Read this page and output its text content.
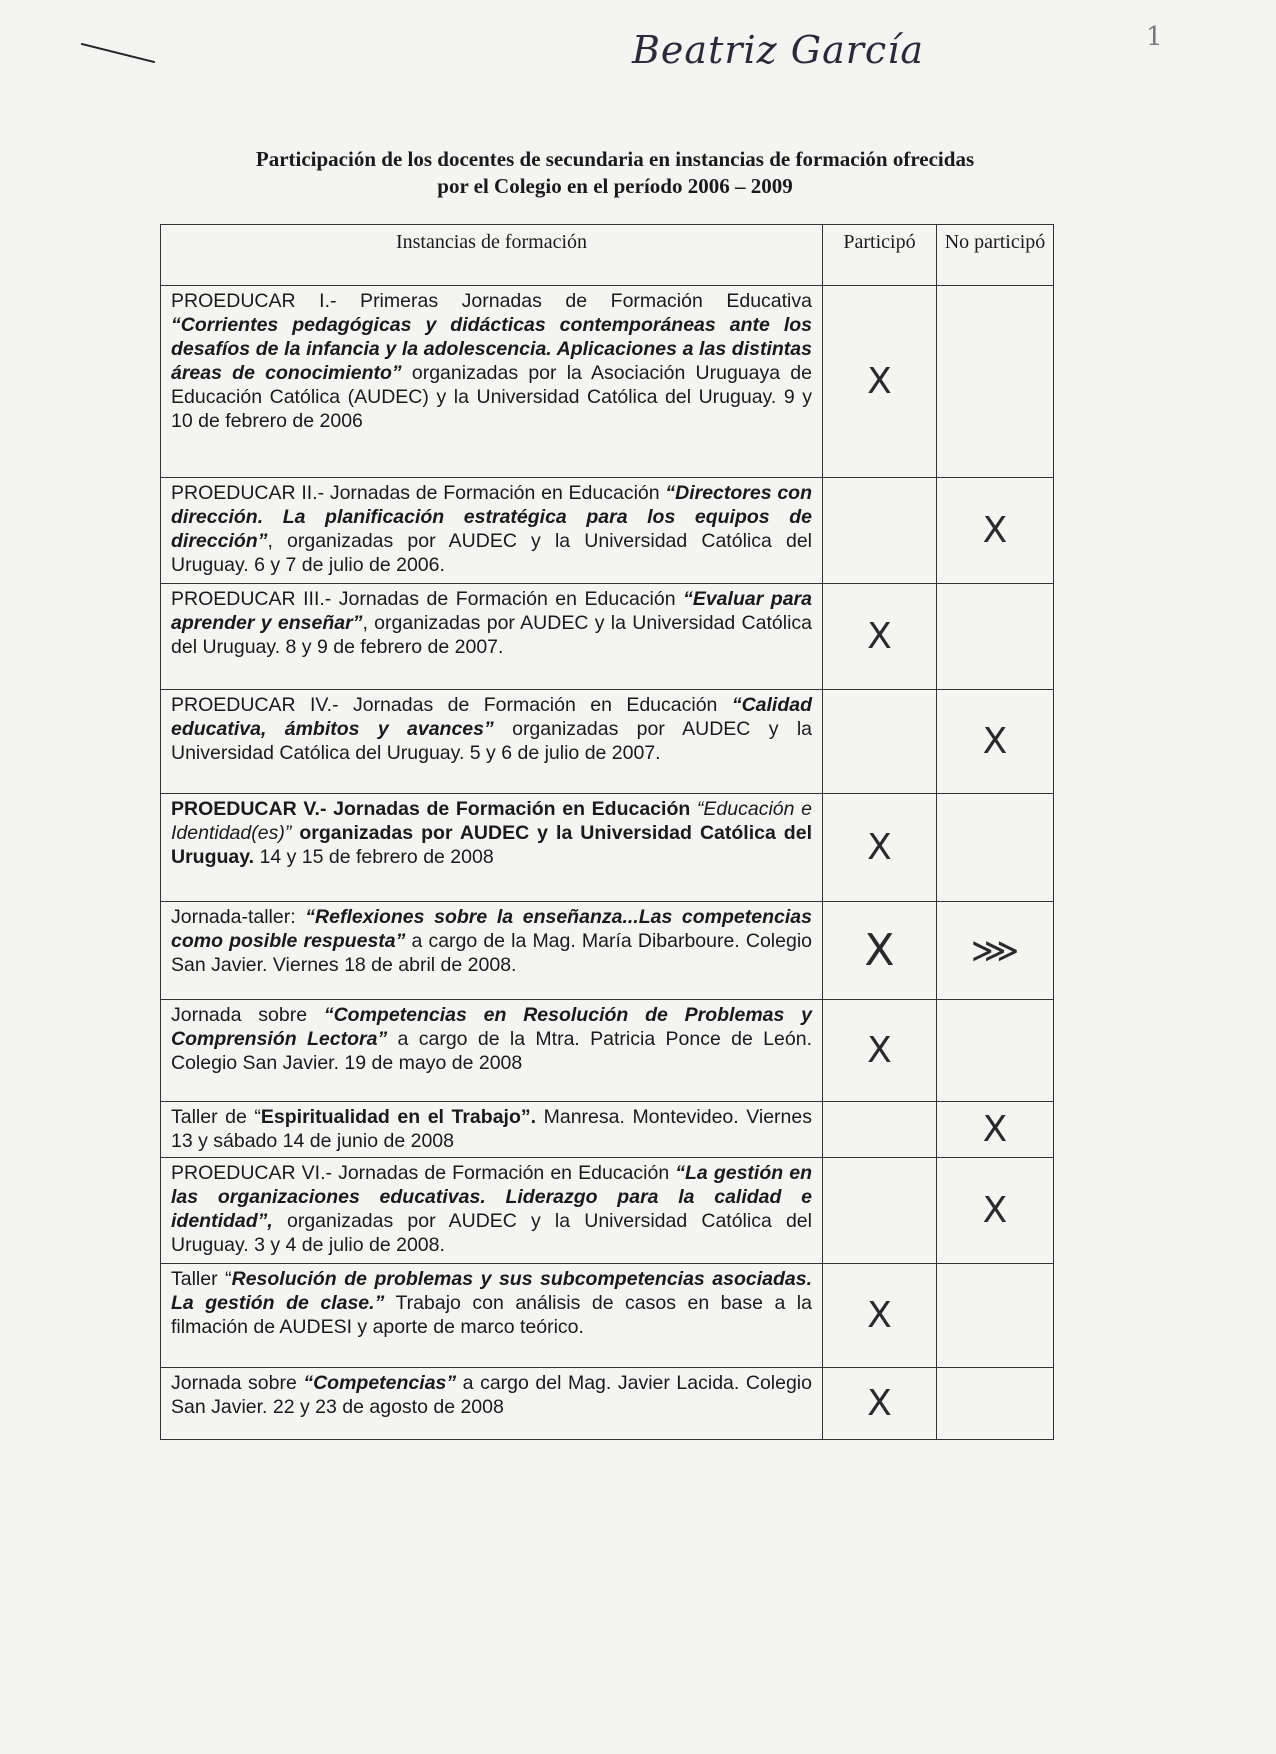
1
Beatriz García
Participación de los docentes de secundaria en instancias de formación ofrecidas
por el Colegio en el período 2006 – 2009
Instancias de formación	Participó	No participó
PROEDUCAR I.- Primeras Jornadas de Formación Educativa “Corrientes pedagógicas y didácticas contemporáneas ante los desafíos de la infancia y la adolescencia. Aplicaciones a las distintas áreas de conocimiento” organizadas por la Asociación Uruguaya de Educación Católica (AUDEC) y la Universidad Católica del Uruguay. 9 y 10 de febrero de 2006	X	
PROEDUCAR II.- Jornadas de Formación en Educación “Directores con dirección. La planificación estratégica para los equipos de dirección”, organizadas por AUDEC y la Universidad Católica del Uruguay. 6 y 7 de julio de 2006.		X
PROEDUCAR III.- Jornadas de Formación en Educación “Evaluar para aprender y enseñar”, organizadas por AUDEC y la Universidad Católica del Uruguay. 8 y 9 de febrero de 2007.	X	
PROEDUCAR IV.- Jornadas de Formación en Educación “Calidad educativa, ámbitos y avances” organizadas por AUDEC y la Universidad Católica del Uruguay. 5 y 6 de julio de 2007.		X
PROEDUCAR V.- Jornadas de Formación en Educación “Educación e Identidad(es)” organizadas por AUDEC y la Universidad Católica del Uruguay. 14 y 15 de febrero de 2008	X	
Jornada-taller: “Reflexiones sobre la enseñanza...Las competencias como posible respuesta” a cargo de la Mag. María Dibarboure. Colegio San Javier. Viernes 18 de abril de 2008.	X	⋙
Jornada sobre “Competencias en Resolución de Problemas y Comprensión Lectora” a cargo de la Mtra. Patricia Ponce de León. Colegio San Javier. 19 de mayo de 2008	X	
Taller de “Espiritualidad en el Trabajo”. Manresa. Montevideo. Viernes 13 y sábado 14 de junio de 2008		X
PROEDUCAR VI.- Jornadas de Formación en Educación “La gestión en las organizaciones educativas. Liderazgo para la calidad e identidad”, organizadas por AUDEC y la Universidad Católica del Uruguay. 3 y 4 de julio de 2008.		X
Taller “Resolución de problemas y sus subcompetencias asociadas. La gestión de clase.” Trabajo con análisis de casos en base a la filmación de AUDESI y aporte de marco teórico.	X	
Jornada sobre “Competencias” a cargo del Mag. Javier Lacida. Colegio San Javier. 22 y 23 de agosto de 2008	X	
